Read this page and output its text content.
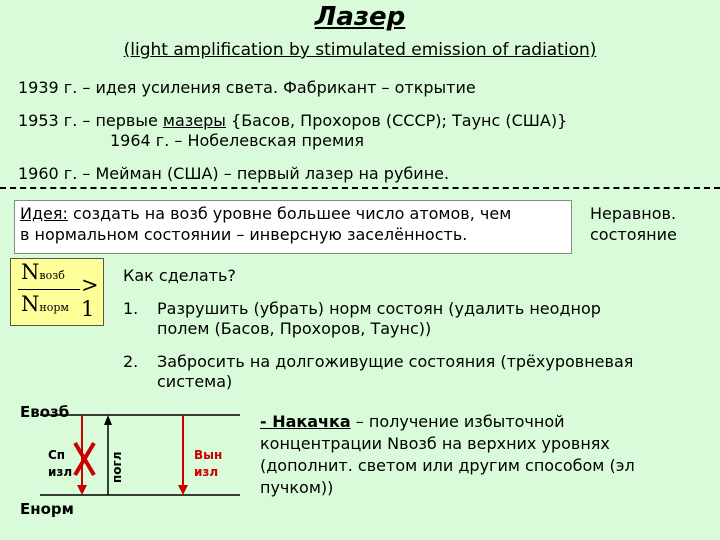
Лазер
(light amplification by stimulated emission of radiation)
1939 г. – идея усиления света. Фабрикант – открытие
1953 г. – первые мазеры {Басов, Прохоров (СССР); Таунс (США)}
1964 г. – Нобелевская премия
1960 г. – Мейман (США) – первый лазер на рубине.
Идея: создать на возб уровне большее число атомов, чем
в нормальном состоянии – инверсную заселённость.
Неравнов.
состояние
Nвозб
Nнорм
> 1
Как сделать?
1. Разрушить (убрать) норм состоян (удалить неоднор
полем (Басов, Прохоров, Таунс))
2. Забросить на долгоживущие состояния (трёхуровневая
система)
Евозб
Енорм
Сп
изл	погл	Вын
изл
- Накачка – получение избыточной
концентрации Nвозб на верхних уровнях
(дополнит. светом или другим способом (эл
пучком))
